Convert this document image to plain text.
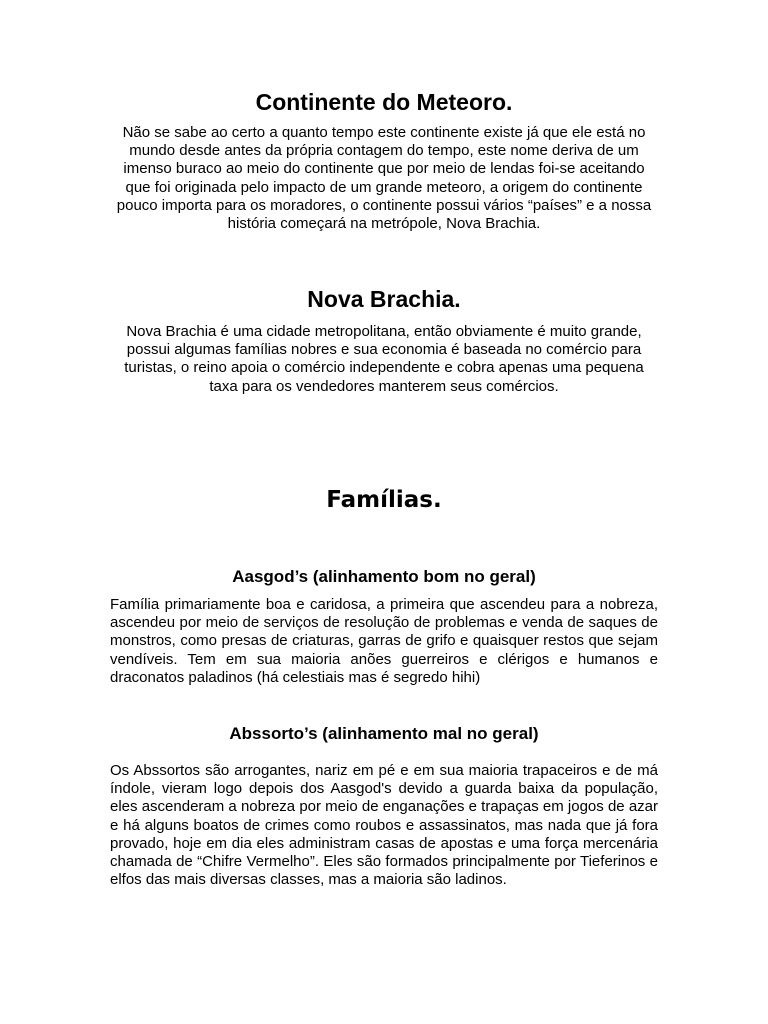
Continente do Meteoro.

Não se sabe ao certo a quanto tempo este continente existe já que ele está no mundo desde antes da própria contagem do tempo, este nome deriva de um imenso buraco ao meio do continente que por meio de lendas foi-se aceitando que foi originada pelo impacto de um grande meteoro, a origem do continente pouco importa para os moradores, o continente possui vários “países” e a nossa história começará na metrópole, Nova Brachia.

Nova Brachia.

Nova Brachia é uma cidade metropolitana, então obviamente é muito grande, possui algumas famílias nobres e sua economia é baseada no comércio para turistas, o reino apoia o comércio independente e cobra apenas uma pequena taxa para os vendedores manterem seus comércios.

Famílias.
Aasgod’s (alinhamento bom no geral)

Família primariamente boa e caridosa, a primeira que ascendeu para a nobreza, ascendeu por meio de serviços de resolução de problemas e venda de saques de monstros, como presas de criaturas, garras de grifo e quaisquer restos que sejam vendíveis. Tem em sua maioria anões guerreiros e clérigos e humanos e draconatos paladinos (há celestiais mas é segredo hihi)

Abssorto’s (alinhamento mal no geral)

Os Abssortos são arrogantes, nariz em pé e em sua maioria trapaceiros e de má índole, vieram logo depois dos Aasgod's devido a guarda baixa da população, eles ascenderam a nobreza por meio de enganações e trapaças em jogos de azar e há alguns boatos de crimes como roubos e assassinatos, mas nada que já fora provado, hoje em dia eles administram casas de apostas e uma força mercenária chamada de “Chifre Vermelho”. Eles são formados principalmente por Tieferinos e elfos das mais diversas classes, mas a maioria são ladinos.
